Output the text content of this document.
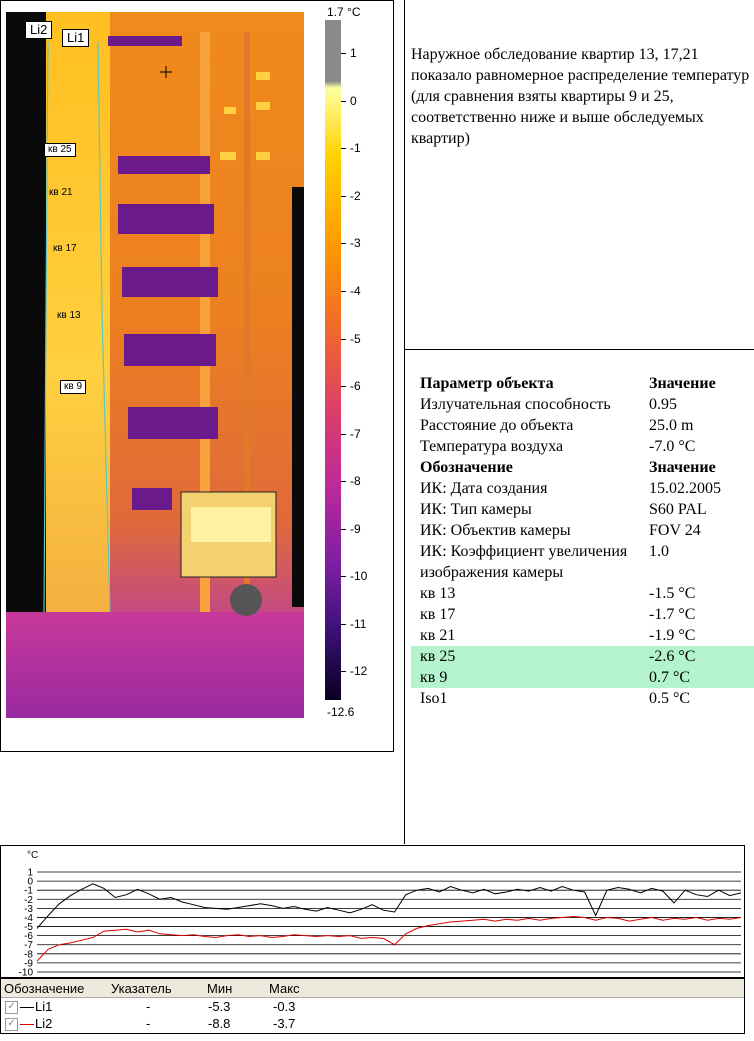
Li2
Li1
кв 25
кв 21
кв 17
кв 13
кв 9
1.7 °C
1
0
-1
-2
-3
-4
-5
-6
-7
-8
-9
-10
-11
-12
-12.6
Наружное обследование квартир 13, 17,21 показало равномерное распределение температур (для сравнения взяты квартиры 9 и 25, соответственно ниже и выше обследуемых квартир)
Параметр объекта	Значение
Излучательная способность	0.95
Расстояние до объекта	25.0 m
Температура воздуха	-7.0 °C
Обозначение	Значение
ИК: Дата создания	15.02.2005
ИК: Тип камеры	S60 PAL
ИК: Объектив камеры	FOV 24
ИК: Коэффициент увеличения изображения камеры	1.0
кв 13	-1.5 °C
кв 17	-1.7 °C
кв 21	-1.9 °C
кв 25	-2.6 °C
кв 9	0.7 °C
Iso1	0.5 °C
°C
1
0
-1
-2
-3
-4
-5
-6
-7
-8
-9
-10
Обозначение Указатель	Мин	Макс
✓ Li1	-	-5.3	-0.3
✓ Li2	-	-8.8	-3.7
